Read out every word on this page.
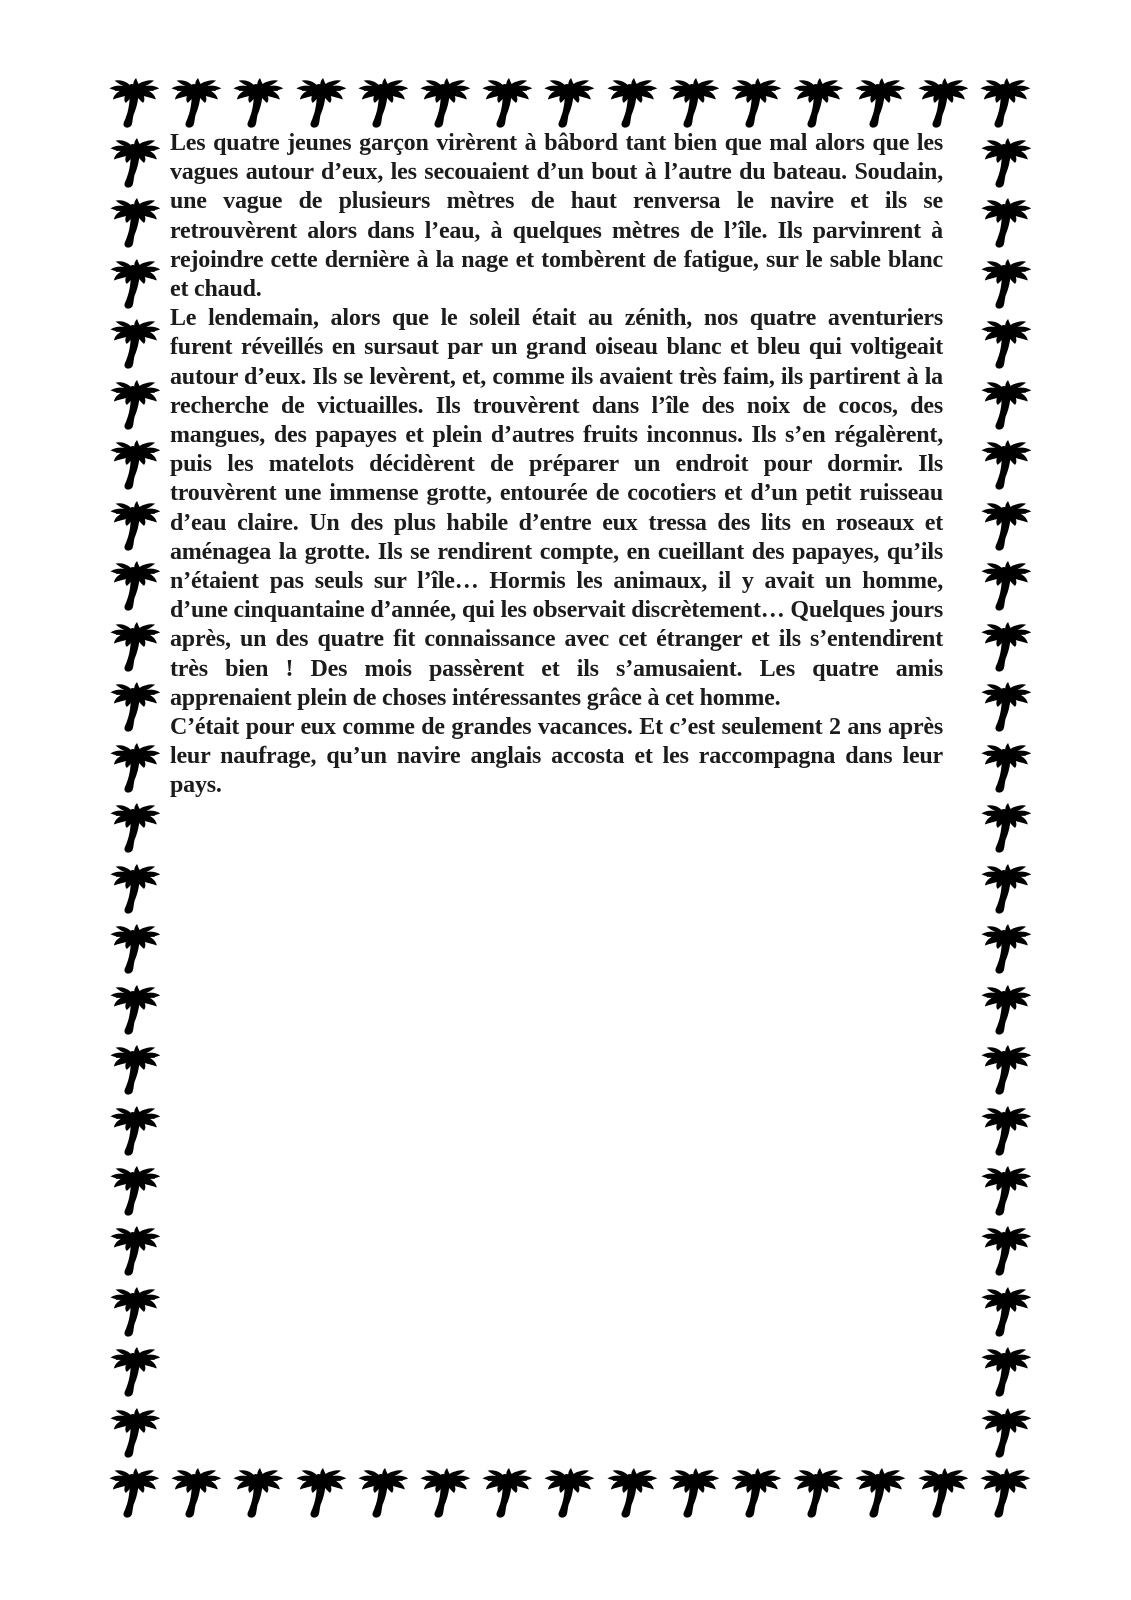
Les quatre jeunes garçon virèrent à bâbord tant bien que mal alors que les vagues autour d’eux, les secouaient d’un bout à l’autre du bateau. Soudain, une vague de plusieurs mètres de haut renversa le navire et ils se retrouvèrent alors dans l’eau, à quelques mètres de l’île. Ils parvinrent à rejoindre cette dernière à la nage et tombèrent de fatigue, sur le sable blanc et chaud.

Le lendemain, alors que le soleil était au zénith, nos quatre aventuriers furent réveillés en sursaut par un grand oiseau blanc et bleu qui voltigeait autour d’eux. Ils se levèrent, et, comme ils avaient très faim, ils partirent à la recherche de victuailles. Ils trouvèrent dans l’île des noix de cocos, des mangues, des papayes et plein d’autres fruits inconnus. Ils s’en régalèrent, puis les matelots décidèrent de préparer un endroit pour dormir. Ils trouvèrent une immense grotte, entourée de cocotiers et d’un petit ruisseau d’eau claire. Un des plus habile d’entre eux tressa des lits en roseaux et aménagea la grotte. Ils se rendirent compte, en cueillant des papayes, qu’ils n’étaient pas seuls sur l’île… Hormis les animaux, il y avait un homme, d’une cinquantaine d’année, qui les observait discrètement… Quelques jours après, un des quatre fit connaissance avec cet étranger et ils s’entendirent très bien ! Des mois passèrent et ils s’amusaient. Les quatre amis apprenaient plein de choses intéressantes grâce à cet homme.

C’était pour eux comme de grandes vacances. Et c’est seulement 2 ans après leur naufrage, qu’un navire anglais accosta et les raccompagna dans leur pays.
